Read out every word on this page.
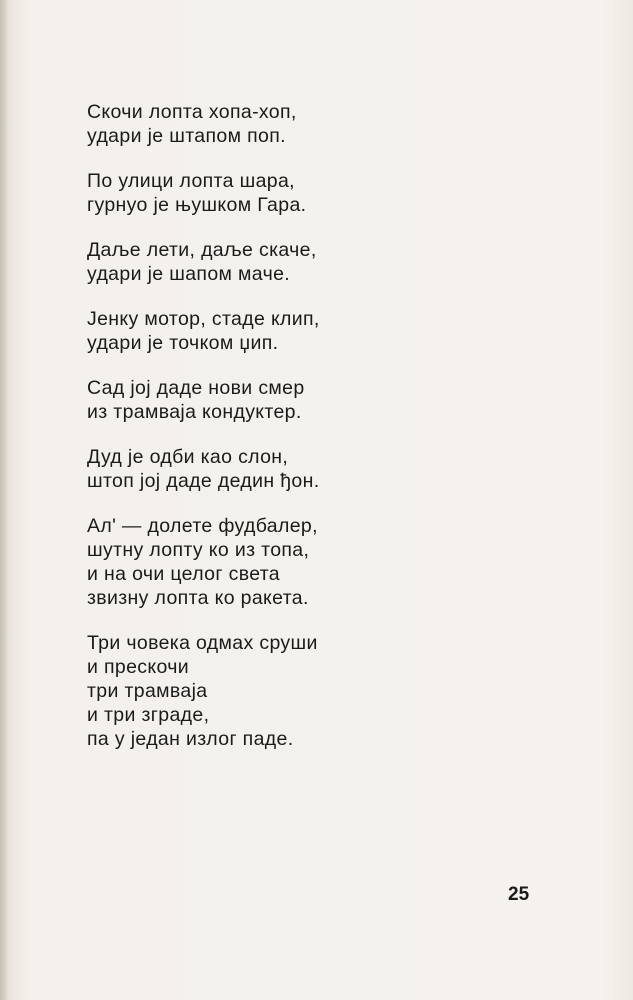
Скочи лопта хопа-хоп,
удари је штапом поп.
По улици лопта шара,
гурнуо је њушком Гара.
Даље лети, даље скаче,
удари је шапом маче.
Јенку мотор, стаде клип,
удари је точком џип.
Сад јој даде нови смер
из трамваја кондуктер.
Дуд је одби као слон,
штоп јој даде дедин ђон.
Ал' — долете фудбалер,
шутну лопту ко из топа,
и на очи целог света
звизну лопта ко ракета.
Три човека одмах сруши
и прескочи
три трамваја
и три зграде,
па у један излог паде.
25
